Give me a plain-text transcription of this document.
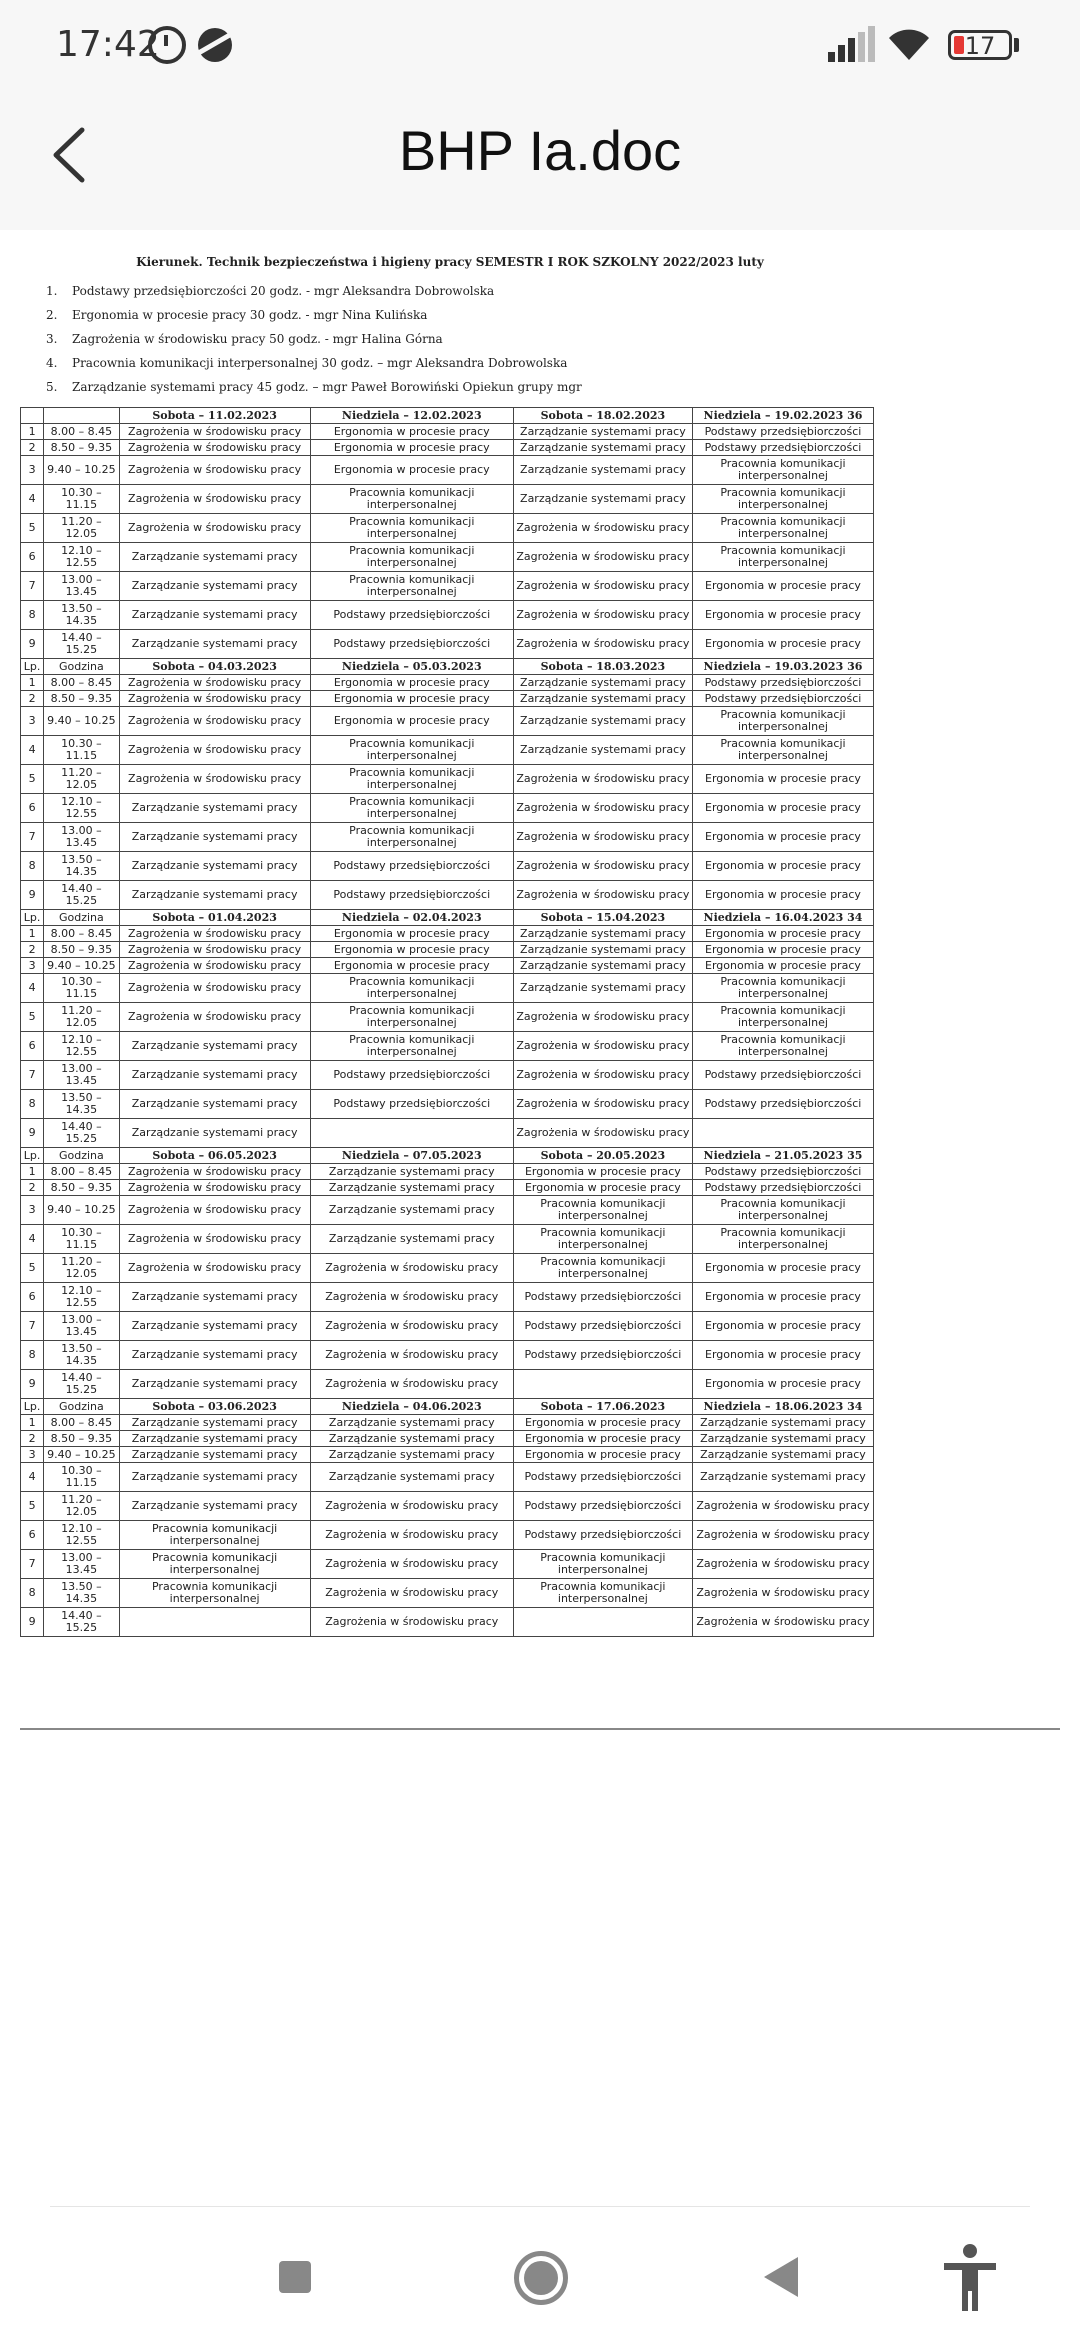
17:42	17
BHP Ia.doc
Kierunek. Technik bezpieczeństwa i higieny pracy SEMESTR I ROK SZKOLNY 2022/2023 luty
1. Podstawy przedsiębiorczości 20 godz. - mgr Aleksandra Dobrowolska
2. Ergonomia w procesie pracy 30 godz. - mgr Nina Kulińska
3. Zagrożenia w środowisku pracy 50 godz. - mgr Halina Górna
4. Pracownia komunikacji interpersonalnej 30 godz. – mgr Aleksandra Dobrowolska
5. Zarządzanie systemami pracy 45 godz. – mgr Paweł Borowiński Opiekun grupy mgr
		Sobota – 11.02.2023	Niedziela – 12.02.2023	Sobota – 18.02.2023	Niedziela – 19.02.2023 36
1	8.00 – 8.45	Zagrożenia w środowisku pracy	Ergonomia w procesie pracy	Zarządzanie systemami pracy	Podstawy przedsiębiorczości
2	8.50 – 9.35	Zagrożenia w środowisku pracy	Ergonomia w procesie pracy	Zarządzanie systemami pracy	Podstawy przedsiębiorczości
3	9.40 – 10.25	Zagrożenia w środowisku pracy	Ergonomia w procesie pracy	Zarządzanie systemami pracy	Pracownia komunikacji interpersonalnej
4	10.30 – 11.15	Zagrożenia w środowisku pracy	Pracownia komunikacji interpersonalnej	Zarządzanie systemami pracy	Pracownia komunikacji interpersonalnej
5	11.20 – 12.05	Zagrożenia w środowisku pracy	Pracownia komunikacji interpersonalnej	Zagrożenia w środowisku pracy	Pracownia komunikacji interpersonalnej
6	12.10 – 12.55	Zarządzanie systemami pracy	Pracownia komunikacji interpersonalnej	Zagrożenia w środowisku pracy	Pracownia komunikacji interpersonalnej
7	13.00 – 13.45	Zarządzanie systemami pracy	Pracownia komunikacji interpersonalnej	Zagrożenia w środowisku pracy	Ergonomia w procesie pracy
8	13.50 – 14.35	Zarządzanie systemami pracy	Podstawy przedsiębiorczości	Zagrożenia w środowisku pracy	Ergonomia w procesie pracy
9	14.40 – 15.25	Zarządzanie systemami pracy	Podstawy przedsiębiorczości	Zagrożenia w środowisku pracy	Ergonomia w procesie pracy
Lp.	Godzina	Sobota – 04.03.2023	Niedziela – 05.03.2023	Sobota – 18.03.2023	Niedziela – 19.03.2023 36
1	8.00 – 8.45	Zagrożenia w środowisku pracy	Ergonomia w procesie pracy	Zarządzanie systemami pracy	Podstawy przedsiębiorczości
2	8.50 – 9.35	Zagrożenia w środowisku pracy	Ergonomia w procesie pracy	Zarządzanie systemami pracy	Podstawy przedsiębiorczości
3	9.40 – 10.25	Zagrożenia w środowisku pracy	Ergonomia w procesie pracy	Zarządzanie systemami pracy	Pracownia komunikacji interpersonalnej
4	10.30 – 11.15	Zagrożenia w środowisku pracy	Pracownia komunikacji interpersonalnej	Zarządzanie systemami pracy	Pracownia komunikacji interpersonalnej
5	11.20 – 12.05	Zagrożenia w środowisku pracy	Pracownia komunikacji interpersonalnej	Zagrożenia w środowisku pracy	Ergonomia w procesie pracy
6	12.10 – 12.55	Zarządzanie systemami pracy	Pracownia komunikacji interpersonalnej	Zagrożenia w środowisku pracy	Ergonomia w procesie pracy
7	13.00 – 13.45	Zarządzanie systemami pracy	Pracownia komunikacji interpersonalnej	Zagrożenia w środowisku pracy	Ergonomia w procesie pracy
8	13.50 – 14.35	Zarządzanie systemami pracy	Podstawy przedsiębiorczości	Zagrożenia w środowisku pracy	Ergonomia w procesie pracy
9	14.40 – 15.25	Zarządzanie systemami pracy	Podstawy przedsiębiorczości	Zagrożenia w środowisku pracy	Ergonomia w procesie pracy
Lp.	Godzina	Sobota – 01.04.2023	Niedziela – 02.04.2023	Sobota – 15.04.2023	Niedziela – 16.04.2023 34
1	8.00 – 8.45	Zagrożenia w środowisku pracy	Ergonomia w procesie pracy	Zarządzanie systemami pracy	Ergonomia w procesie pracy
2	8.50 – 9.35	Zagrożenia w środowisku pracy	Ergonomia w procesie pracy	Zarządzanie systemami pracy	Ergonomia w procesie pracy
3	9.40 – 10.25	Zagrożenia w środowisku pracy	Ergonomia w procesie pracy	Zarządzanie systemami pracy	Ergonomia w procesie pracy
4	10.30 – 11.15	Zagrożenia w środowisku pracy	Pracownia komunikacji interpersonalnej	Zarządzanie systemami pracy	Pracownia komunikacji interpersonalnej
5	11.20 – 12.05	Zagrożenia w środowisku pracy	Pracownia komunikacji interpersonalnej	Zagrożenia w środowisku pracy	Pracownia komunikacji interpersonalnej
6	12.10 – 12.55	Zarządzanie systemami pracy	Pracownia komunikacji interpersonalnej	Zagrożenia w środowisku pracy	Pracownia komunikacji interpersonalnej
7	13.00 – 13.45	Zarządzanie systemami pracy	Podstawy przedsiębiorczości	Zagrożenia w środowisku pracy	Podstawy przedsiębiorczości
8	13.50 – 14.35	Zarządzanie systemami pracy	Podstawy przedsiębiorczości	Zagrożenia w środowisku pracy	Podstawy przedsiębiorczości
9	14.40 – 15.25	Zarządzanie systemami pracy		Zagrożenia w środowisku pracy	
Lp.	Godzina	Sobota – 06.05.2023	Niedziela – 07.05.2023	Sobota – 20.05.2023	Niedziela – 21.05.2023 35
1	8.00 – 8.45	Zagrożenia w środowisku pracy	Zarządzanie systemami pracy	Ergonomia w procesie pracy	Podstawy przedsiębiorczości
2	8.50 – 9.35	Zagrożenia w środowisku pracy	Zarządzanie systemami pracy	Ergonomia w procesie pracy	Podstawy przedsiębiorczości
3	9.40 – 10.25	Zagrożenia w środowisku pracy	Zarządzanie systemami pracy	Pracownia komunikacji interpersonalnej	Pracownia komunikacji interpersonalnej
4	10.30 – 11.15	Zagrożenia w środowisku pracy	Zarządzanie systemami pracy	Pracownia komunikacji interpersonalnej	Pracownia komunikacji interpersonalnej
5	11.20 – 12.05	Zagrożenia w środowisku pracy	Zagrożenia w środowisku pracy	Pracownia komunikacji interpersonalnej	Ergonomia w procesie pracy
6	12.10 – 12.55	Zarządzanie systemami pracy	Zagrożenia w środowisku pracy	Podstawy przedsiębiorczości	Ergonomia w procesie pracy
7	13.00 – 13.45	Zarządzanie systemami pracy	Zagrożenia w środowisku pracy	Podstawy przedsiębiorczości	Ergonomia w procesie pracy
8	13.50 – 14.35	Zarządzanie systemami pracy	Zagrożenia w środowisku pracy	Podstawy przedsiębiorczości	Ergonomia w procesie pracy
9	14.40 – 15.25	Zarządzanie systemami pracy	Zagrożenia w środowisku pracy		Ergonomia w procesie pracy
Lp.	Godzina	Sobota – 03.06.2023	Niedziela – 04.06.2023	Sobota – 17.06.2023	Niedziela – 18.06.2023 34
1	8.00 – 8.45	Zarządzanie systemami pracy	Zarządzanie systemami pracy	Ergonomia w procesie pracy	Zarządzanie systemami pracy
2	8.50 – 9.35	Zarządzanie systemami pracy	Zarządzanie systemami pracy	Ergonomia w procesie pracy	Zarządzanie systemami pracy
3	9.40 – 10.25	Zarządzanie systemami pracy	Zarządzanie systemami pracy	Ergonomia w procesie pracy	Zarządzanie systemami pracy
4	10.30 – 11.15	Zarządzanie systemami pracy	Zarządzanie systemami pracy	Podstawy przedsiębiorczości	Zarządzanie systemami pracy
5	11.20 – 12.05	Zarządzanie systemami pracy	Zagrożenia w środowisku pracy	Podstawy przedsiębiorczości	Zagrożenia w środowisku pracy
6	12.10 – 12.55	Pracownia komunikacji interpersonalnej	Zagrożenia w środowisku pracy	Podstawy przedsiębiorczości	Zagrożenia w środowisku pracy
7	13.00 – 13.45	Pracownia komunikacji interpersonalnej	Zagrożenia w środowisku pracy	Pracownia komunikacji interpersonalnej	Zagrożenia w środowisku pracy
8	13.50 – 14.35	Pracownia komunikacji interpersonalnej	Zagrożenia w środowisku pracy	Pracownia komunikacji interpersonalnej	Zagrożenia w środowisku pracy
9	14.40 – 15.25		Zagrożenia w środowisku pracy		Zagrożenia w środowisku pracy
